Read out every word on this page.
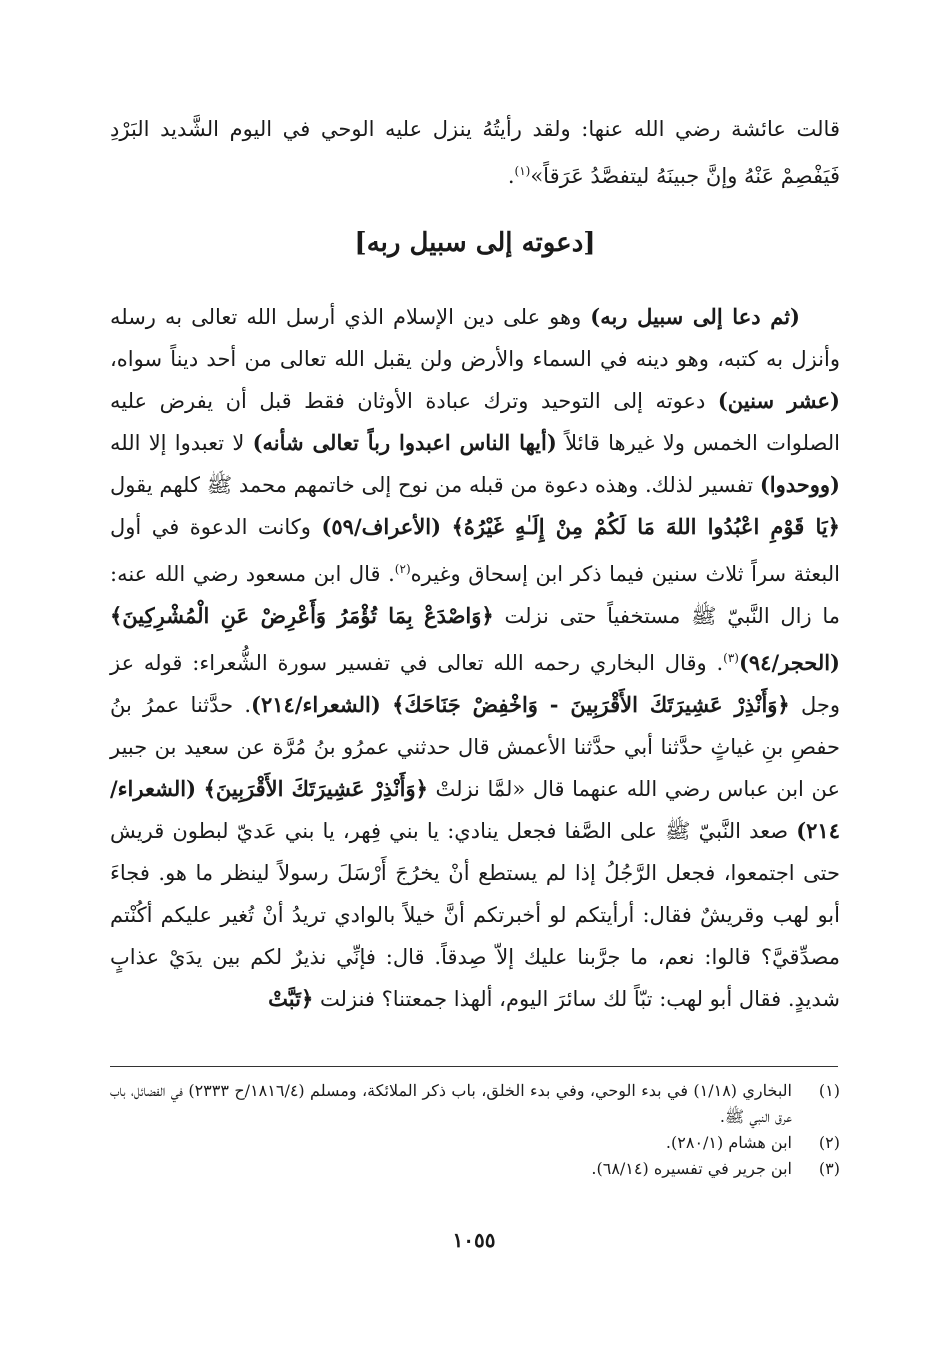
قالت عائشة رضي الله عنها: ولقد رأيتُهُ ينزل عليه الوحي في اليوم الشَّديد البَرْدِ فَيَفْصِمْ عَنْهُ وإنَّ جبينَهُ ليتفصَّدُ عَرَقاً»$^{(١)}$.
[دعوته إلى سبيل ربه]

(ثم دعا إلى سبيل ربه) وهو على دين الإسلام الذي أرسل الله تعالى به رسله وأنزل به كتبه، وهو دينه في السماء والأرض ولن يقبل الله تعالى من أحد ديناً سواه، (عشر سنين) دعوته إلى التوحيد وترك عبادة الأوثان فقط قبل أن يفرض عليه الصلوات الخمس ولا غيرها قائلاً (أيها الناس اعبدوا رباً تعالى شأنه) لا تعبدوا إلا الله (ووحدوا) تفسير لذلك. وهذه دعوة من قبله من نوح إلى خاتمهم محمد ﷺ كلهم يقول ﴿يَا قَوْمِ اعْبُدُوا اللهَ مَا لَكُمْ مِنْ إِلَـٰهٍ غَيْرُهُ﴾ (الأعراف/٥٩) وكانت الدعوة في أول البعثة سراً ثلاث سنين فيما ذكر ابن إسحاق وغيره$^{(٢)}$. قال ابن مسعود رضي الله عنه: ما زال النَّبيّ ﷺ مستخفياً حتى نزلت ﴿وَاصْدَعْ بِمَا تُؤْمَرُ وَأَعْرِضْ عَنِ الْمُشْرِكِينَ﴾ (الحجر/٩٤)$^{(٣)}$. وقال البخاري رحمه الله تعالى في تفسير سورة الشُّعراء: قوله عز وجل ﴿وَأَنْذِرْ عَشِيرَتَكَ الأَقْرَبِينَ - وَاخْفِضْ جَنَاحَكَ﴾ (الشعراء/٢١٤). حدَّثنا عمرُ بنُ حفصِ بنِ غياثٍ حدَّثنا أبي حدَّثنا الأعمش قال حدثني عمرُو بنُ مُرَّة عن سعيد بن جبير عن ابن عباس رضي الله عنهما قال «لمَّا نزلتْ ﴿وَأَنْذِرْ عَشِيرَتَكَ الأَقْرَبِينَ﴾ (الشعراء/٢١٤) صعد النَّبيّ ﷺ على الصَّفا فجعل ينادي: يا بني فِهر، يا بني عَديّ لبطون قريش حتى اجتمعوا، فجعل الرَّجُلُ إذا لم يستطع أنْ يخرُجَ أَرْسَلَ رسولاً لينظر ما هو. فجاءَ أبو لهب وقريشٌ فقال: أرأيتكم لو أخبرتكم أنَّ خيلاً بالوادي تريدُ أنْ تُغير عليكم أكُنْتم مصدِّقيَّ؟ قالوا: نعم، ما جرَّبنا عليك إلاّ صِدقاً. قال: فإنِّي نذيرٌ لكم بين يدَيْ عذابٍ شديدٍ. فقال أبو لهب: تبّاً لك سائرَ اليوم، ألهذا جمعتنا؟ فنزلت ﴿تَبَّتْ

(١)
البخاري (١/١٨) في بدء الوحي، وفي بدء الخلق، باب ذكر الملائكة، ومسلم (١٨١٦/٤/ح ٢٣٣٣) في الفضائل، باب عرق النبي ﷺ.
(٢)
ابن هشام (٢٨٠/١).
(٣)
ابن جرير في تفسيره (٦٨/١٤).
١٠٥٥
